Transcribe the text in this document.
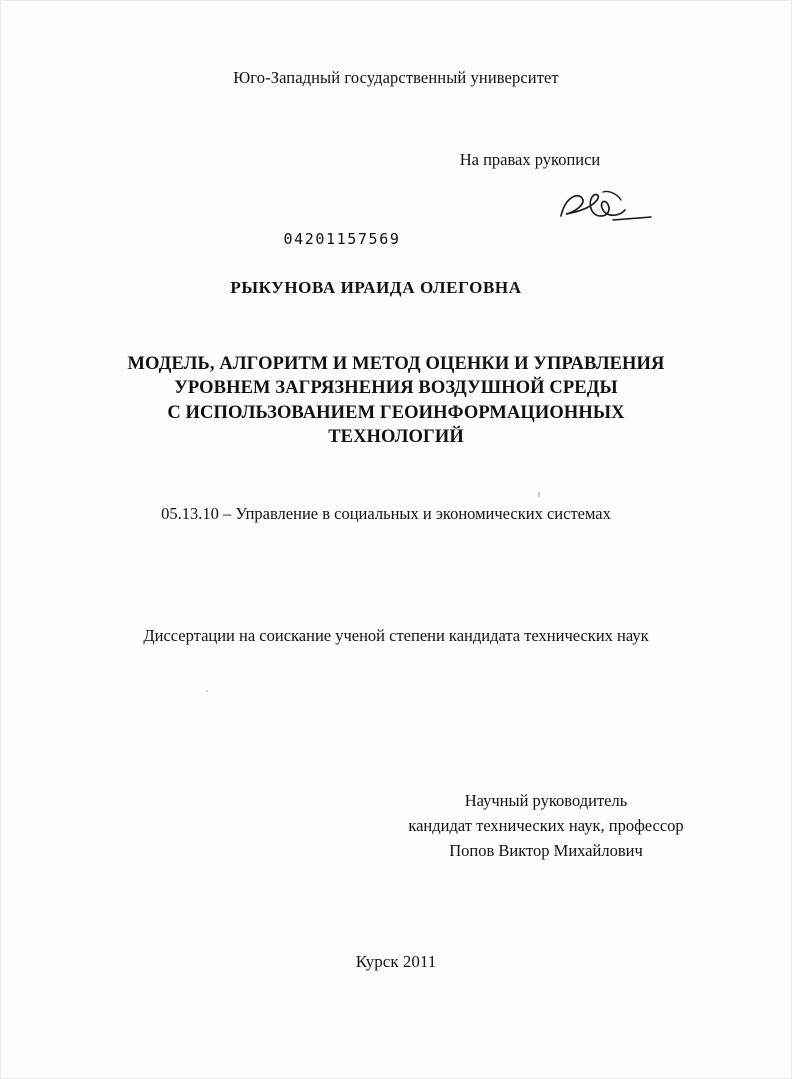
Юго-Западный государственный университет
На правах рукописи
04201157569
РЫКУНОВА ИРАИДА ОЛЕГОВНА
МОДЕЛЬ, АЛГОРИТМ И МЕТОД ОЦЕНКИ И УПРАВЛЕНИЯ
УРОВНЕМ ЗАГРЯЗНЕНИЯ ВОЗДУШНОЙ СРЕДЫ
С ИСПОЛЬЗОВАНИЕМ ГЕОИНФОРМАЦИОННЫХ
ТЕХНОЛОГИЙ
05.13.10 – Управление в социальных и экономических системах
Диссертации на соискание ученой степени кандидата технических наук
Научный руководитель
кандидат технических наук, профессор
Попов Виктор Михайлович
Курск 2011
